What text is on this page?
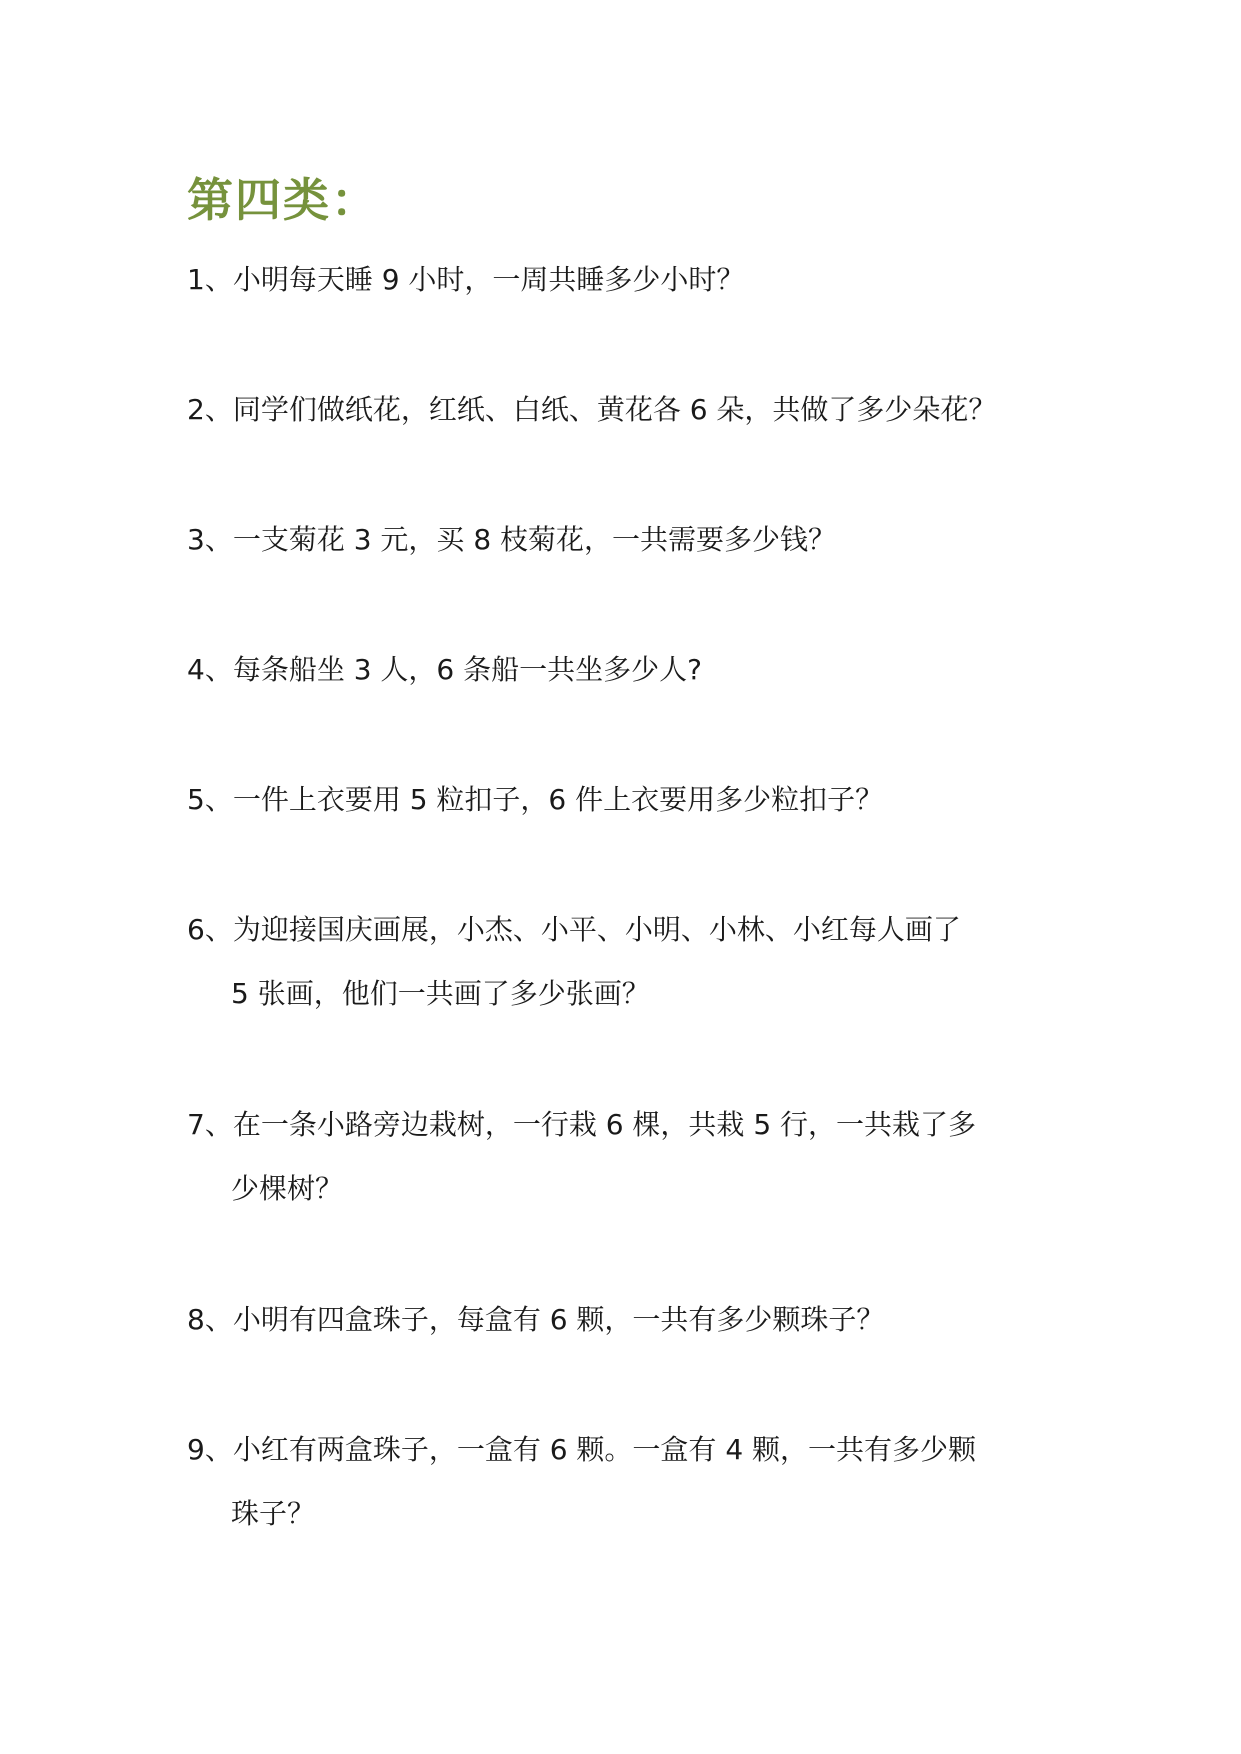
第四类：
1、小明每天睡 9 小时，一周共睡多少小时？
2、同学们做纸花，红纸、白纸、黄花各 6 朵，共做了多少朵花？
3、一支菊花 3 元，买 8 枝菊花，一共需要多少钱？
4、每条船坐 3 人，6 条船一共坐多少人?
5、一件上衣要用 5 粒扣子，6 件上衣要用多少粒扣子？
6、为迎接国庆画展，小杰、小平、小明、小林、小红每人画了
5 张画，他们一共画了多少张画？
7、在一条小路旁边栽树，一行栽 6 棵，共栽 5 行，一共栽了多
少棵树？
8、小明有四盒珠子，每盒有 6 颗，一共有多少颗珠子？
9、小红有两盒珠子，一盒有 6 颗。一盒有 4 颗，一共有多少颗
珠子？
